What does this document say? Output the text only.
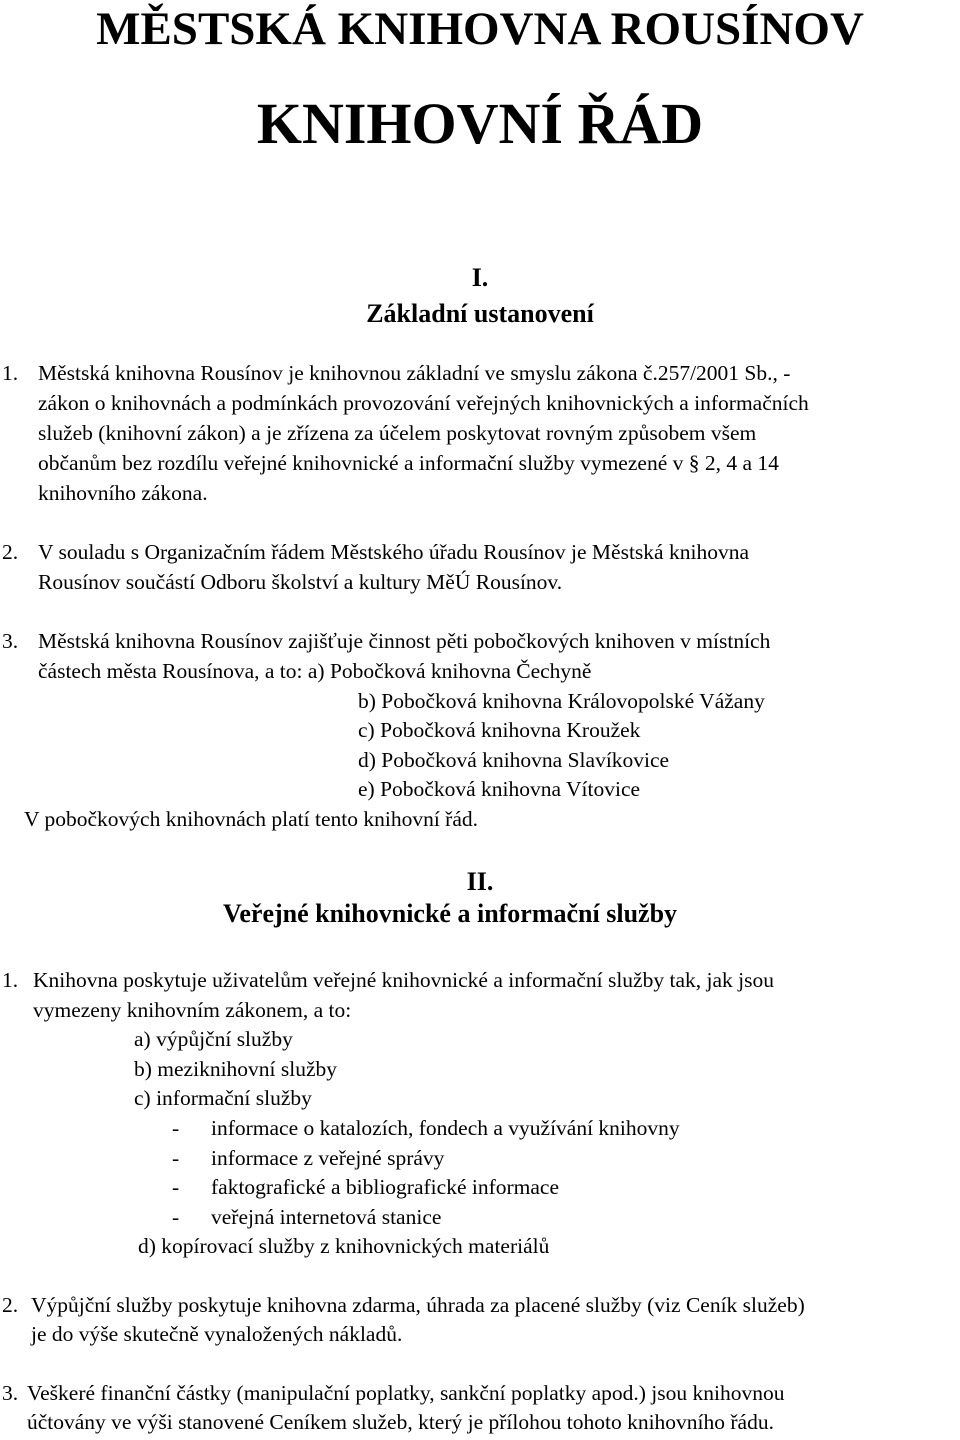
MĚSTSKÁ KNIHOVNA ROUSÍNOV
KNIHOVNÍ ŘÁD
I.
Základní ustanovení
1. Městská knihovna Rousínov je knihovnou základní ve smyslu zákona č.257/2001 Sb., -
zákon o knihovnách a podmínkách provozování veřejných knihovnických a informačních
služeb (knihovní zákon) a je zřízena za účelem poskytovat rovným způsobem všem
občanům bez rozdílu veřejné knihovnické a informační služby vymezené v § 2, 4 a 14
knihovního zákona.
2. V souladu s Organizačním řádem Městského úřadu Rousínov je Městská knihovna
Rousínov součástí Odboru školství a kultury MěÚ Rousínov.
3. Městská knihovna Rousínov zajišťuje činnost pěti pobočkových knihoven v místních
částech města Rousínova, a to: a) Pobočková knihovna Čechyně
b) Pobočková knihovna Královopolské Vážany
c) Pobočková knihovna Kroužek
d) Pobočková knihovna Slavíkovice
e) Pobočková knihovna Vítovice
V pobočkových knihovnách platí tento knihovní řád.
II.
Veřejné knihovnické a informační služby
1. Knihovna poskytuje uživatelům veřejné knihovnické a informační služby tak, jak jsou
vymezeny knihovním zákonem, a to:
a) výpůjční služby
b) meziknihovní služby
c) informační služby
- informace o katalozích, fondech a využívání knihovny
- informace z veřejné správy
- faktografické a bibliografické informace
- veřejná internetová stanice
d) kopírovací služby z knihovnických materiálů
2. Výpůjční služby poskytuje knihovna zdarma, úhrada za placené služby (viz Ceník služeb)
je do výše skutečně vynaložených nákladů.
3. Veškeré finanční částky (manipulační poplatky, sankční poplatky apod.) jsou knihovnou
účtovány ve výši stanovené Ceníkem služeb, který je přílohou tohoto knihovního řádu.
